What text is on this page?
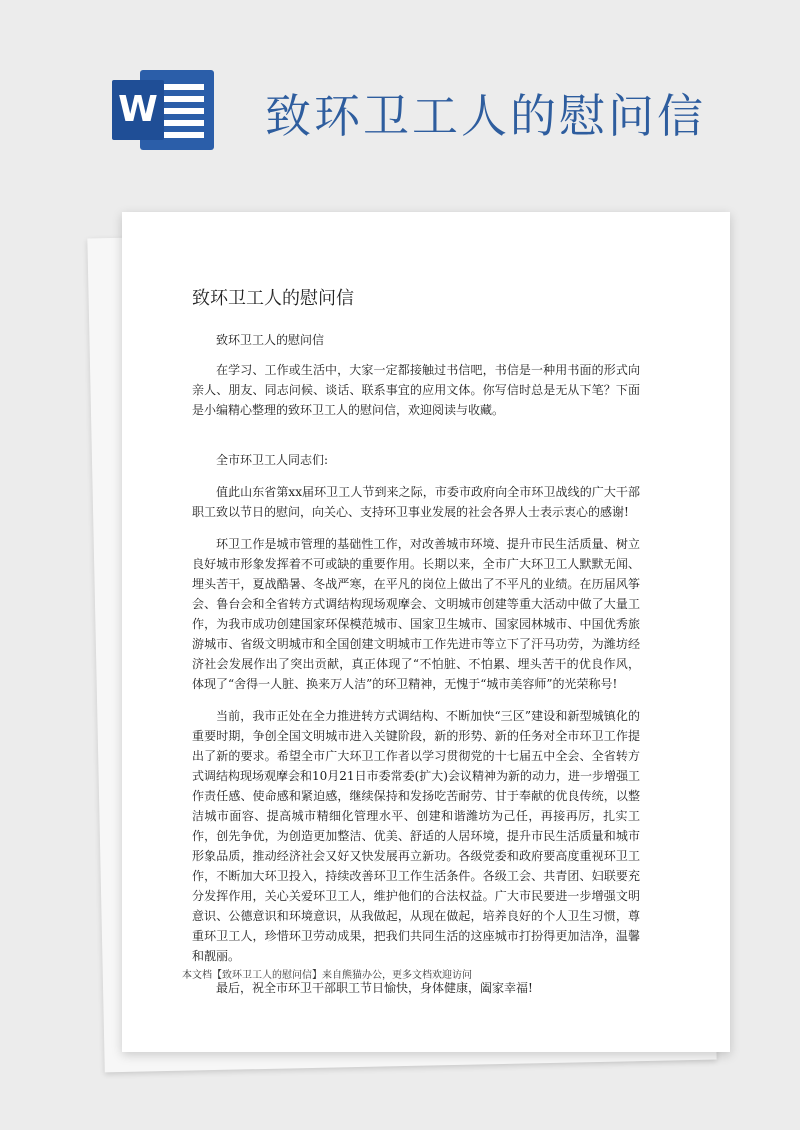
W 致环卫工人的慰问信
致环卫工人的慰问信

致环卫工人的慰问信

在学习、工作或生活中，大家一定都接触过书信吧，书信是一种用书面的形式向亲人、朋友、同志问候、谈话、联系事宜的应用文体。你写信时总是无从下笔？下面是小编精心整理的致环卫工人的慰问信，欢迎阅读与收藏。

全市环卫工人同志们:

值此山东省第xx届环卫工人节到来之际，市委市政府向全市环卫战线的广大干部职工致以节日的慰问，向关心、支持环卫事业发展的社会各界人士表示衷心的感谢!

环卫工作是城市管理的基础性工作，对改善城市环境、提升市民生活质量、树立良好城市形象发挥着不可或缺的重要作用。长期以来，全市广大环卫工人默默无闻、埋头苦干，夏战酷暑、冬战严寒，在平凡的岗位上做出了不平凡的业绩。在历届风筝会、鲁台会和全省转方式调结构现场观摩会、文明城市创建等重大活动中做了大量工作，为我市成功创建国家环保模范城市、国家卫生城市、国家园林城市、中国优秀旅游城市、省级文明城市和全国创建文明城市工作先进市等立下了汗马功劳，为潍坊经济社会发展作出了突出贡献，真正体现了“不怕脏、不怕累、埋头苦干的优良作风，体现了“舍得一人脏、换来万人洁”的环卫精神，无愧于“城市美容师”的光荣称号!

当前，我市正处在全力推进转方式调结构、不断加快“三区”建设和新型城镇化的重要时期，争创全国文明城市进入关键阶段，新的形势、新的任务对全市环卫工作提出了新的要求。希望全市广大环卫工作者以学习贯彻党的十七届五中全会、全省转方式调结构现场观摩会和10月21日市委常委(扩大)会议精神为新的动力，进一步增强工作责任感、使命感和紧迫感，继续保持和发扬吃苦耐劳、甘于奉献的优良传统，以整洁城市面容、提高城市精细化管理水平、创建和谐潍坊为己任，再接再厉，扎实工作，创先争优，为创造更加整洁、优美、舒适的人居环境，提升市民生活质量和城市形象品质，推动经济社会又好又快发展再立新功。各级党委和政府要高度重视环卫工作，不断加大环卫投入，持续改善环卫工作生活条件。各级工会、共青团、妇联要充分发挥作用，关心关爱环卫工人，维护他们的合法权益。广大市民要进一步增强文明意识、公德意识和环境意识，从我做起，从现在做起，培养良好的个人卫生习惯，尊重环卫工人，珍惜环卫劳动成果，把我们共同生活的这座城市打扮得更加洁净，温馨和靓丽。

最后，祝全市环卫干部职工节日愉快，身体健康，阖家幸福!

本文档【致环卫工人的慰问信】来自熊猫办公，更多文档欢迎访问
